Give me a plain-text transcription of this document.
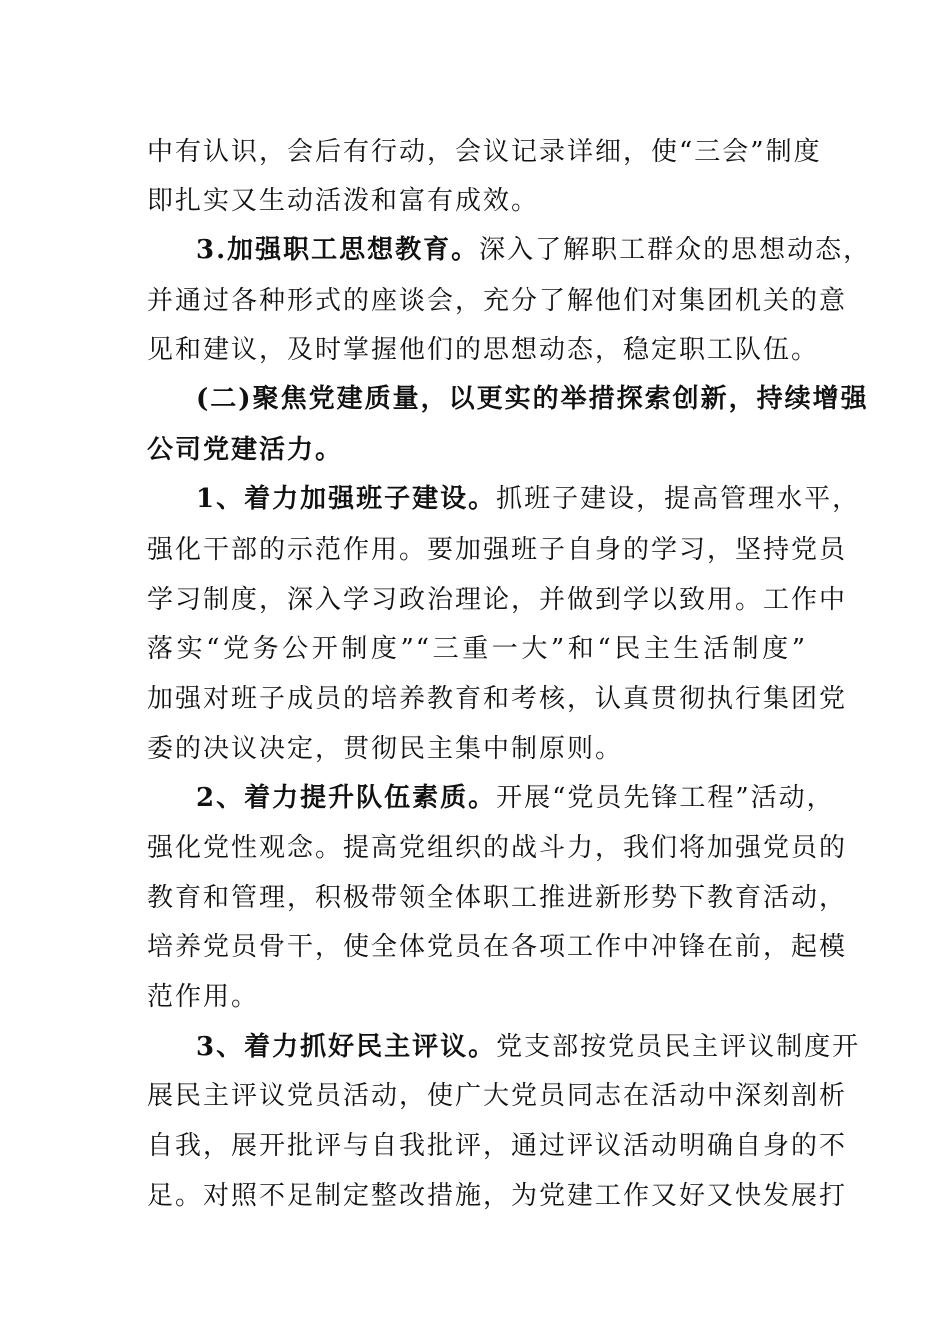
中有认识，会后有行动，会议记录详细，使“三会”制度
即扎实又生动活泼和富有成效。
3.加强职工思想教育。深入了解职工群众的思想动态，
并通过各种形式的座谈会，充分了解他们对集团机关的意
见和建议，及时掌握他们的思想动态，稳定职工队伍。
(二)聚焦党建质量，以更实的举措探索创新，持续增强
公司党建活力。
1、着力加强班子建设。抓班子建设，提高管理水平，
强化干部的示范作用。要加强班子自身的学习，坚持党员
学习制度，深入学习政治理论，并做到学以致用。工作中
落实“党务公开制度”“三重一大”和“民主生活制度”
加强对班子成员的培养教育和考核，认真贯彻执行集团党
委的决议决定，贯彻民主集中制原则。
2、着力提升队伍素质。开展“党员先锋工程”活动，
强化党性观念。提高党组织的战斗力，我们将加强党员的
教育和管理，积极带领全体职工推进新形势下教育活动，
培养党员骨干，使全体党员在各项工作中冲锋在前，起模
范作用。
3、着力抓好民主评议。党支部按党员民主评议制度开
展民主评议党员活动，使广大党员同志在活动中深刻剖析
自我，展开批评与自我批评，通过评议活动明确自身的不
足。对照不足制定整改措施，为党建工作又好又快发展打
